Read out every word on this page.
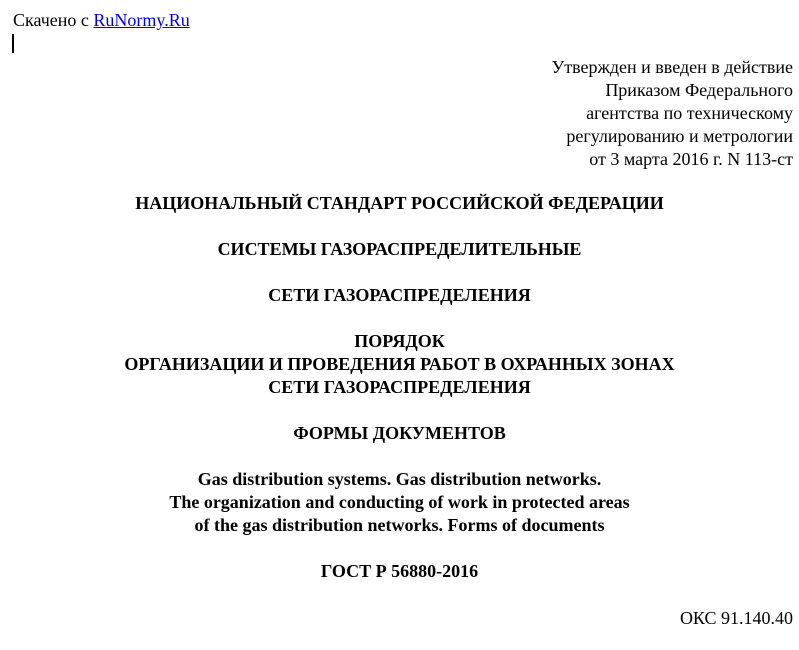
Скачено с RuNormy.Ru
Утвержден и введен в действие
Приказом Федерального
агентства по техническому
регулированию и метрологии
от 3 марта 2016 г. N 113-ст
НАЦИОНАЛЬНЫЙ СТАНДАРТ РОССИЙСКОЙ ФЕДЕРАЦИИ
СИСТЕМЫ ГАЗОРАСПРЕДЕЛИТЕЛЬНЫЕ
СЕТИ ГАЗОРАСПРЕДЕЛЕНИЯ
ПОРЯДОК
ОРГАНИЗАЦИИ И ПРОВЕДЕНИЯ РАБОТ В ОХРАННЫХ ЗОНАХ
СЕТИ ГАЗОРАСПРЕДЕЛЕНИЯ
ФОРМЫ ДОКУМЕНТОВ
Gas distribution systems. Gas distribution networks.
The organization and conducting of work in protected areas
of the gas distribution networks. Forms of documents
ГОСТ Р 56880-2016
ОКС 91.140.40
